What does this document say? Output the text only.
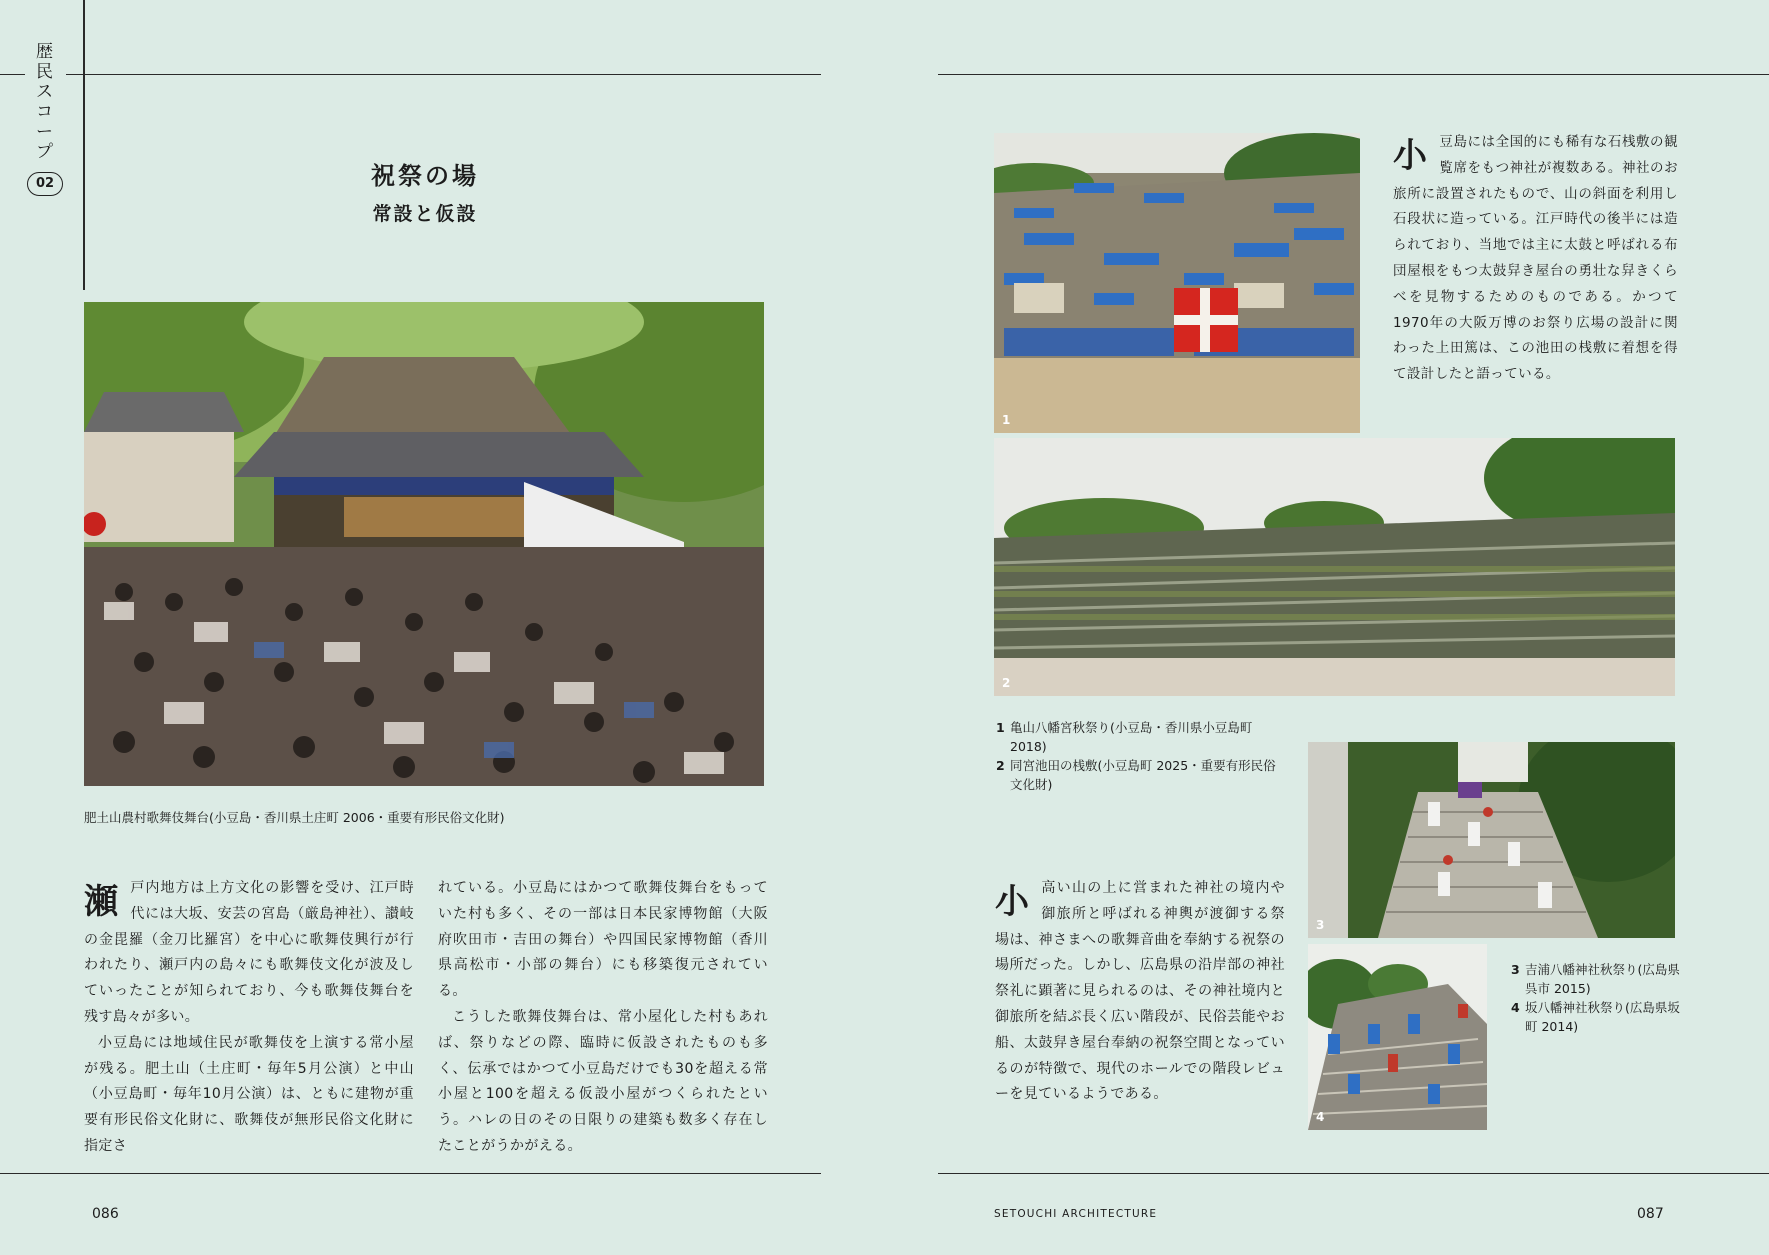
歴
民
ス
コ
ー
プ
02	祝祭の場
常設と仮設
肥土山農村歌舞伎舞台(小豆島・香川県土庄町 2006・重要有形民俗文化財)

瀬戸内地方は上方文化の影響を受け、江戸時代には大坂、安芸の宮島（厳島神社）、讃岐の金毘羅（金刀比羅宮）を中心に歌舞伎興行が行われたり、瀬戸内の島々にも歌舞伎文化が波及していったことが知られており、今も歌舞伎舞台を残す島々が多い。

小豆島には地域住民が歌舞伎を上演する常小屋が残る。肥土山（土庄町・毎年5月公演）と中山（小豆島町・毎年10月公演）は、ともに建物が重要有形民俗文化財に、歌舞伎が無形民俗文化財に指定さ

れている。小豆島にはかつて歌舞伎舞台をもっていた村も多く、その一部は日本民家博物館（大阪府吹田市・吉田の舞台）や四国民家博物館（香川県高松市・小部の舞台）にも移築復元されている。

こうした歌舞伎舞台は、常小屋化した村もあれば、祭りなどの際、臨時に仮設されたものも多く、伝承ではかつて小豆島だけでも30を超える常小屋と100を超える仮設小屋がつくられたという。ハレの日のその日限りの建築も数多く存在したことがうかがえる。

086
1

小豆島には全国的にも稀有な石桟敷の観覧席をもつ神社が複数ある。神社のお旅所に設置されたもので、山の斜面を利用し石段状に造っている。江戸時代の後半には造られており、当地では主に太鼓と呼ばれる布団屋根をもつ太鼓舁き屋台の勇壮な舁きくらべを見物するためのものである。かつて1970年の大阪万博のお祭り広場の設計に関わった上田篤は、この池田の桟敷に着想を得て設計したと語っている。

2
1 亀山八幡宮秋祭り(小豆島・香川県小豆島町 2018)
2 同宮池田の桟敷(小豆島町 2025・重要有形民俗文化財)
3
4

小高い山の上に営まれた神社の境内や御旅所と呼ばれる神輿が渡御する祭場は、神さまへの歌舞音曲を奉納する祝祭の場所だった。しかし、広島県の沿岸部の神社祭礼に顕著に見られるのは、その神社境内と御旅所を結ぶ長く広い階段が、民俗芸能やお船、太鼓舁き屋台奉納の祝祭空間となっているのが特徴で、現代のホールでの階段レビューを見ているようである。

3 吉浦八幡神社秋祭り(広島県呉市 2015)
4 坂八幡神社秋祭り(広島県坂町 2014)
SETOUCHI ARCHITECTURE	087
